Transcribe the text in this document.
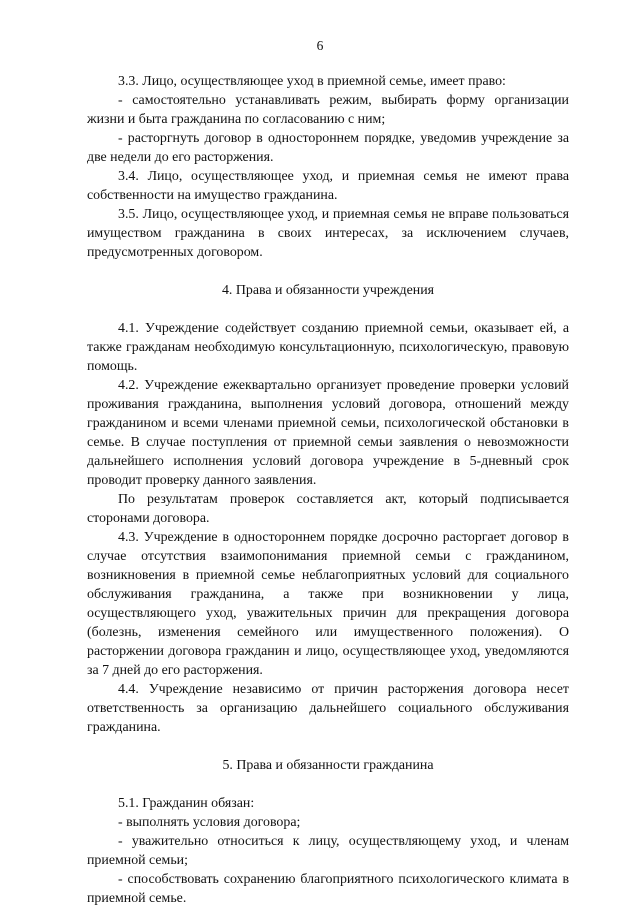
6

3.3. Лицо, осуществляющее уход в приемной семье, имеет право:

- самостоятельно устанавливать режим, выбирать форму организации жизни и быта гражданина по согласованию с ним;

- расторгнуть договор в одностороннем порядке, уведомив учреждение за две недели до его расторжения.

3.4. Лицо, осуществляющее уход, и приемная семья не имеют права собственности на имущество гражданина.

3.5. Лицо, осуществляющее уход, и приемная семья не вправе пользоваться имуществом гражданина в своих интересах, за исключением случаев, предусмотренных договором.

4. Права и обязанности учреждения

4.1. Учреждение содействует созданию приемной семьи, оказывает ей, а также гражданам необходимую консультационную, психологическую, правовую помощь.

4.2. Учреждение ежеквартально организует проведение проверки условий проживания гражданина, выполнения условий договора, отношений между гражданином и всеми членами приемной семьи, психологической обстановки в семье. В случае поступления от приемной семьи заявления о невозможности дальнейшего исполнения условий договора учреждение в 5-дневный срок проводит проверку данного заявления.

По результатам проверок составляется акт, который подписывается сторонами договора.

4.3. Учреждение в одностороннем порядке досрочно расторгает договор в случае отсутствия взаимопонимания приемной семьи с гражданином, возникновения в приемной семье неблагоприятных условий для социального обслуживания гражданина, а также при возникновении у лица, осуществляющего уход, уважительных причин для прекращения договора (болезнь, изменения семейного или имущественного положения). О расторжении договора гражданин и лицо, осуществляющее уход, уведомляются за 7 дней до его расторжения.

4.4. Учреждение независимо от причин расторжения договора несет ответственность за организацию дальнейшего социального обслуживания гражданина.

5. Права и обязанности гражданина

5.1. Гражданин обязан:

- выполнять условия договора;

- уважительно относиться к лицу, осуществляющему уход, и членам приемной семьи;

- способствовать сохранению благоприятного психологического климата в приемной семье.
